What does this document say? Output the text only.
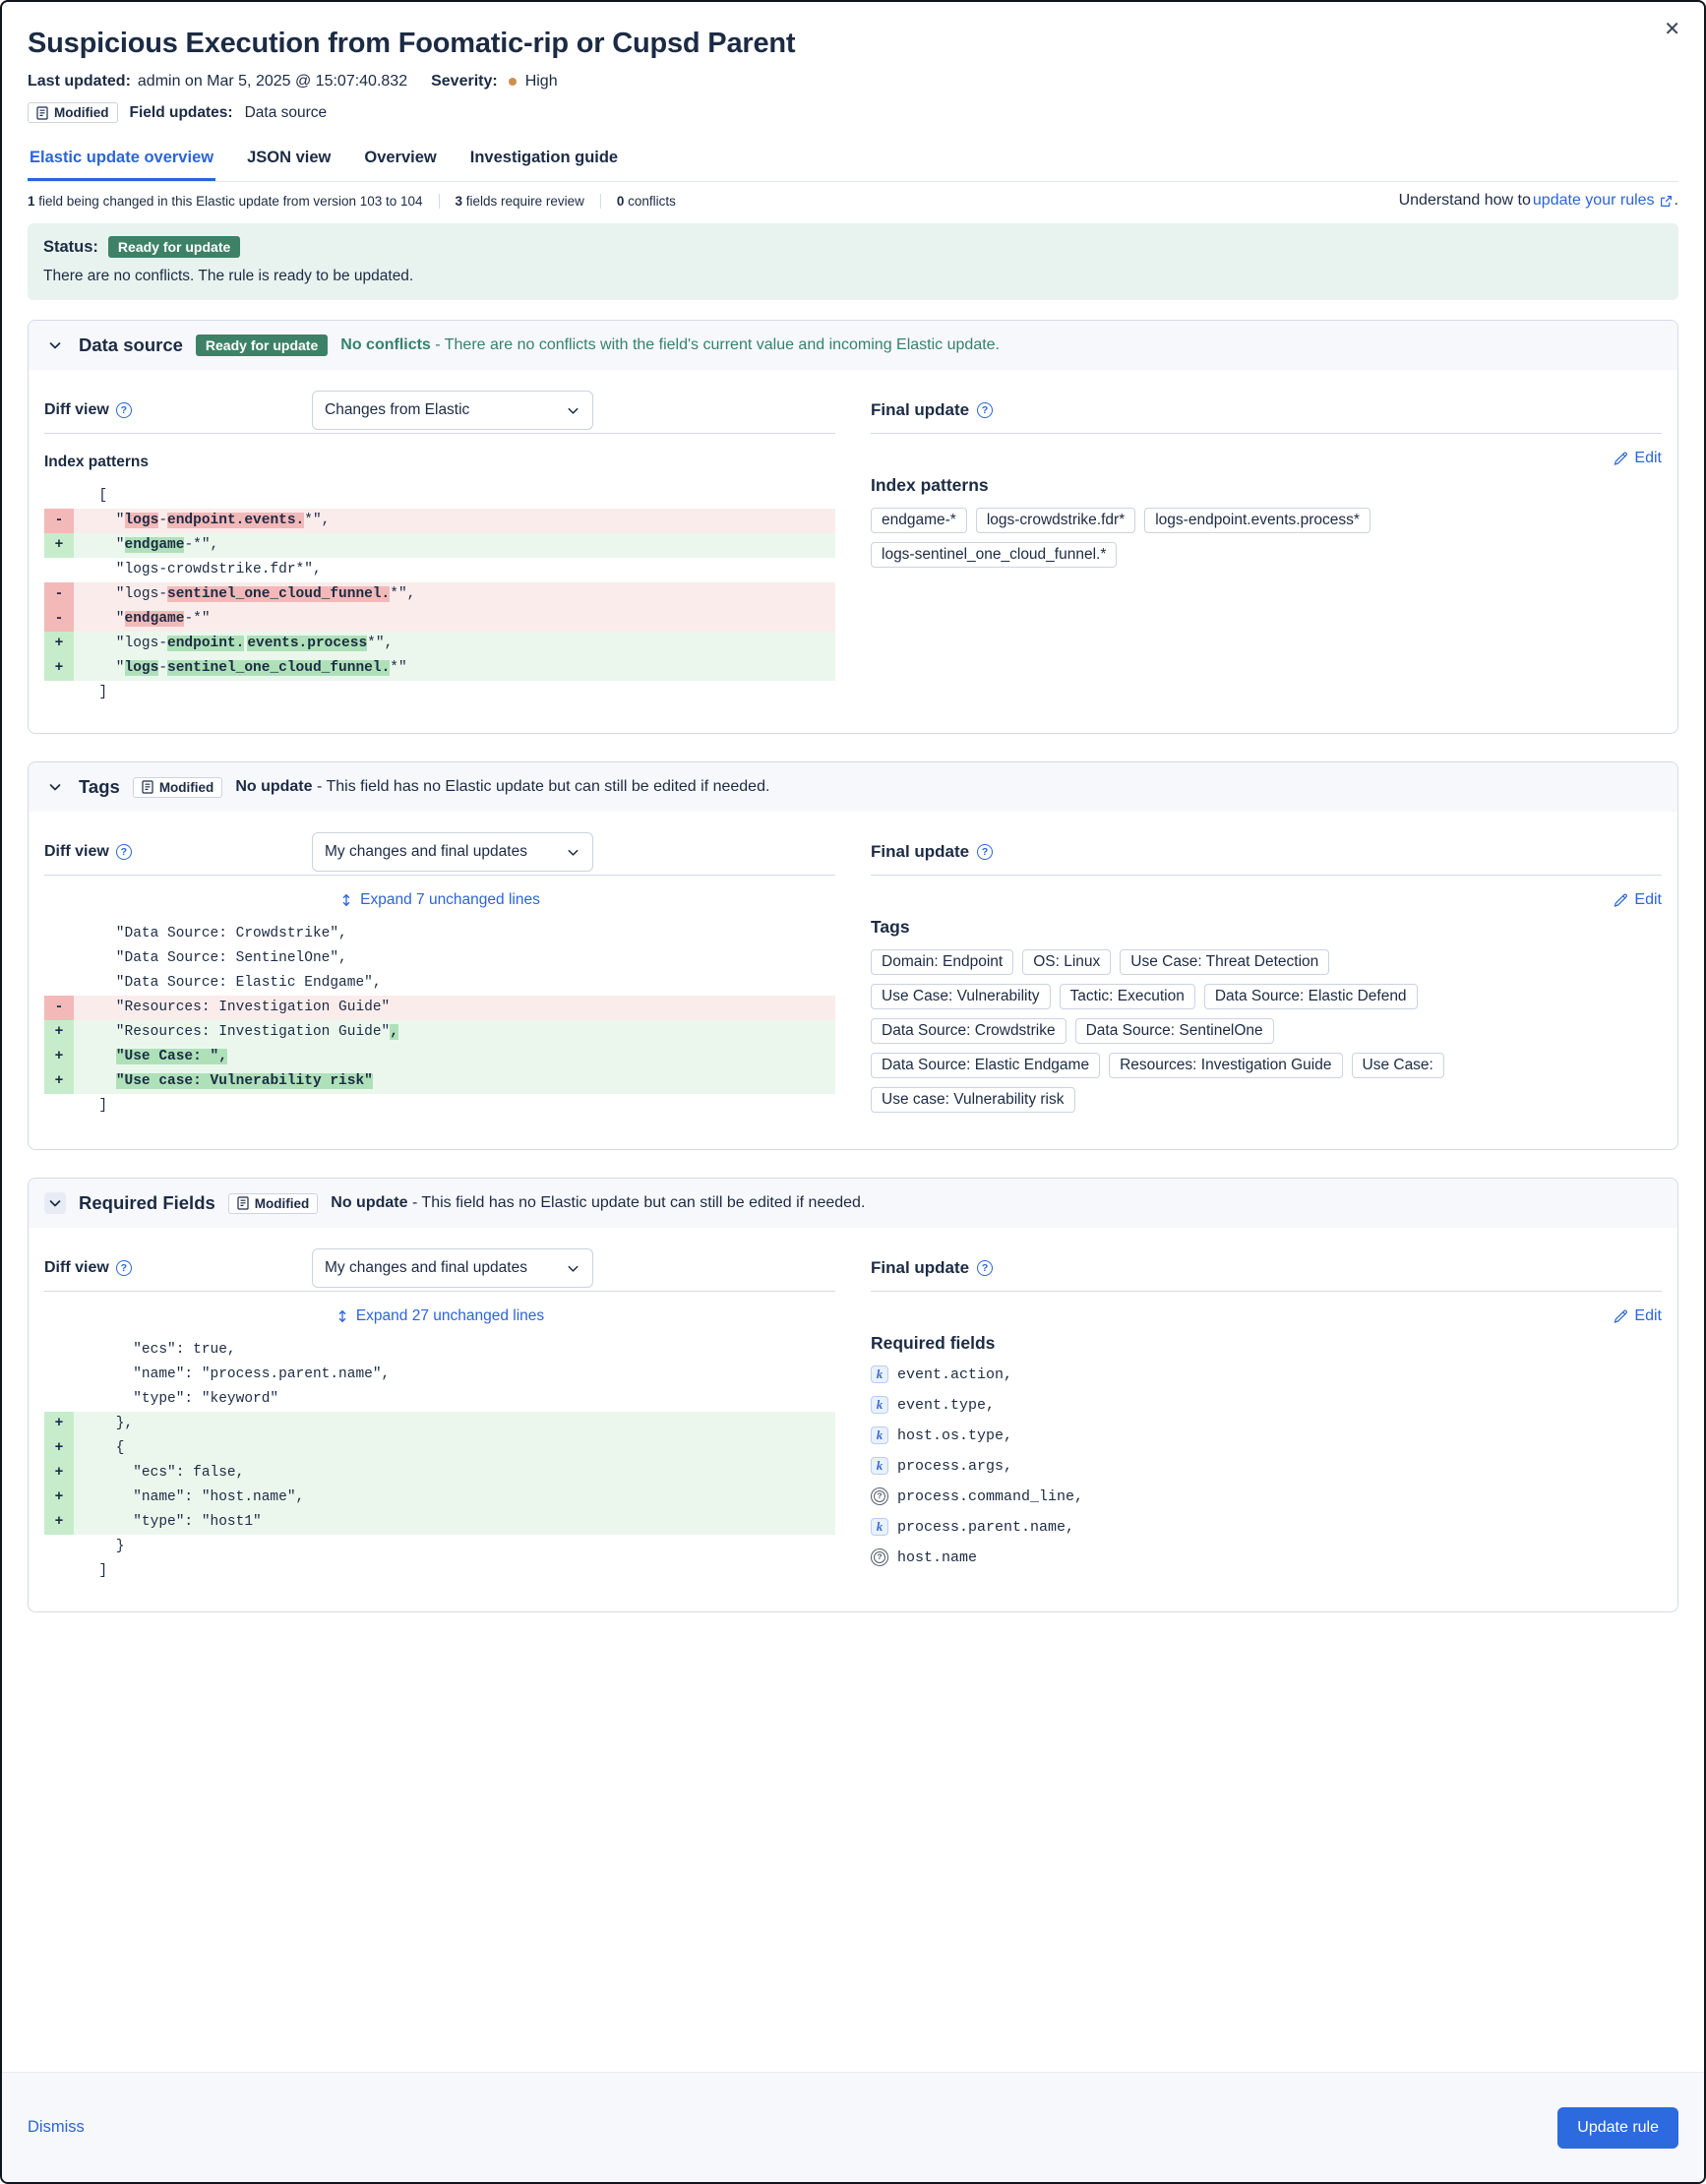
✕
Suspicious Execution from Foomatic-rip or Cupsd Parent
Last updated: admin on Mar 5, 2025 @ 15:07:40.832 Severity: High
Modified Field updates: Data source
Elastic update overview JSON view Overview Investigation guide
1 field being changed in this Elastic update from version 103 to 104	3 fields require review	0 conflicts	Understand how to update your rules .
Status:	Ready for update
There are no conflicts. The rule is ready to be updated.
Data source	Ready for update	No conflicts - There are no conflicts with the field's current value and incoming Elastic update.
Diff view	?	Changes from Elastic
Index patterns
[
-	"logs-endpoint.events.*",
+	"endgame-*",
"logs-crowdstrike.fdr*",
-	"logs-sentinel_one_cloud_funnel.*",
-	"endgame-*"
+	"logs-endpoint. events.process*",
+	"logs-sentinel_one_cloud_funnel.*"
]
Final update	?
Edit
Index patterns
endgame-*	logs-crowdstrike.fdr*	logs-endpoint.events.process*
logs-sentinel_one_cloud_funnel.*
Tags	Modified No update - This field has no Elastic update but can still be edited if needed.
Diff view	?	My changes and final updates
Expand 7 unchanged lines
"Data Source: Crowdstrike",
"Data Source: SentinelOne",
"Data Source: Elastic Endgame",
-	"Resources: Investigation Guide"
+	"Resources: Investigation Guide",
+	"Use Case: ",
+	"Use case: Vulnerability risk"
]
Final update	?
Edit
Tags
Domain: Endpoint	OS: Linux	Use Case: Threat Detection
Use Case: Vulnerability	Tactic: Execution	Data Source: Elastic Defend
Data Source: Crowdstrike	Data Source: SentinelOne
Data Source: Elastic Endgame	Resources: Investigation Guide	Use Case:
Use case: Vulnerability risk
Required Fields	Modified No update - This field has no Elastic update but can still be edited if needed.
Diff view	?	My changes and final updates
Expand 27 unchanged lines
"ecs": true,
"name": "process.parent.name",
"type": "keyword"
+	},
+	{
+	"ecs": false,
+	"name": "host.name",
+	"type": "host1"
}
]
Final update	?
Edit
Required fields
k event.action,
k event.type,
k host.os.type,
k process.args,
? process.command_line,
k process.parent.name,
? host.name
Dismiss	Update rule
